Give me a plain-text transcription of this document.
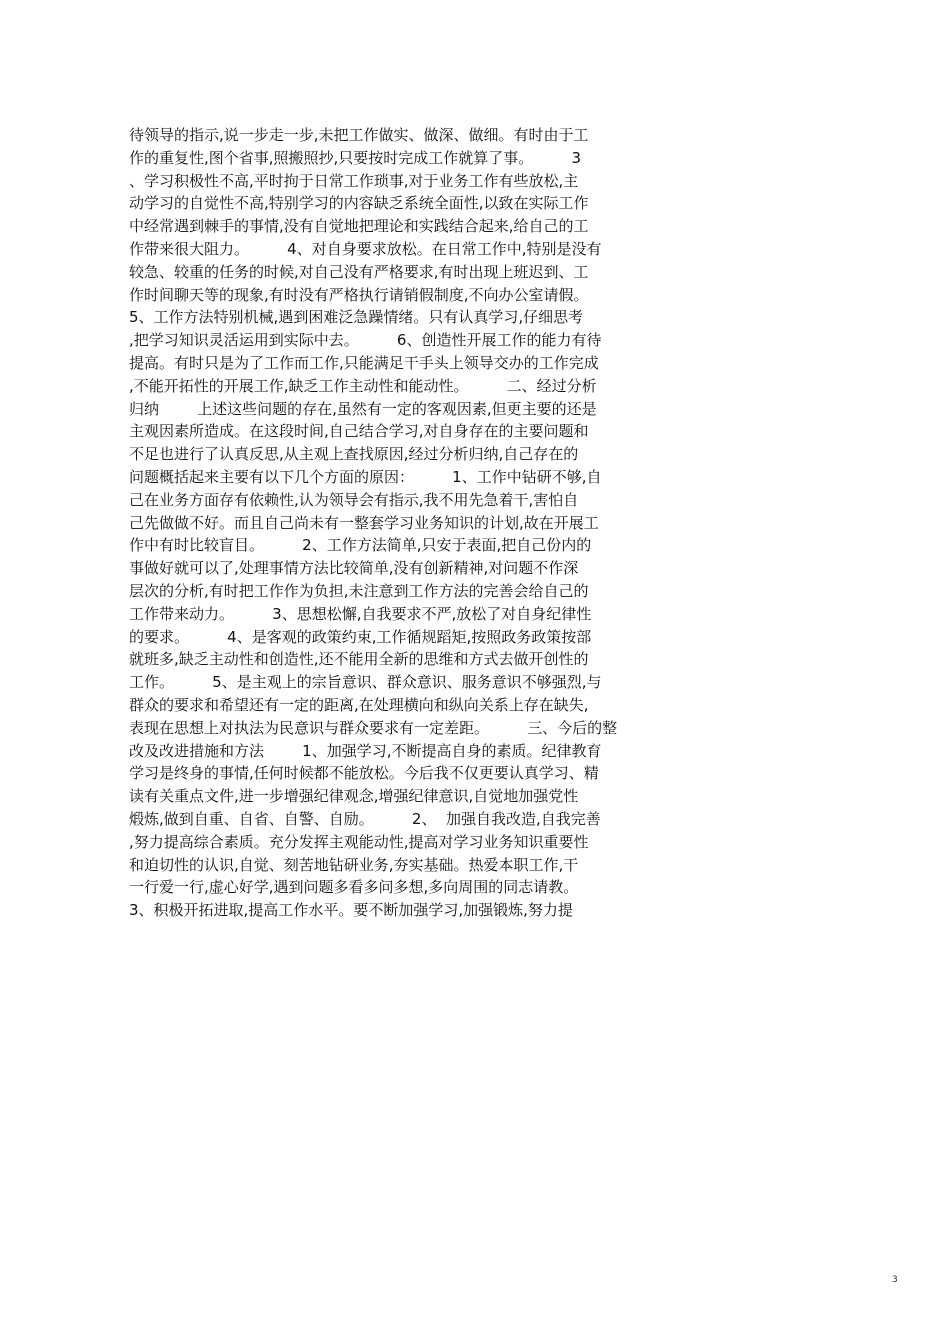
待领导的指示,说一步走一步,未把工作做实、做深、做细。有时由于工
作的重复性,图个省事,照搬照抄,只要按时完成工作就算了事。        3
、学习积极性不高,平时拘于日常工作琐事,对于业务工作有些放松,主
动学习的自觉性不高,特别学习的内容缺乏系统全面性,以致在实际工作
中经常遇到棘手的事情,没有自觉地把理论和实践结合起来,给自己的工
作带来很大阻力。        4、对自身要求放松。在日常工作中,特别是没有
较急、较重的任务的时候,对自己没有严格要求,有时出现上班迟到、工
作时间聊天等的现象,有时没有严格执行请销假制度,不向办公室请假。
5、工作方法特别机械,遇到困难泛急躁情绪。只有认真学习,仔细思考
,把学习知识灵活运用到实际中去。        6、创造性开展工作的能力有待
提高。有时只是为了工作而工作,只能满足干手头上领导交办的工作完成
,不能开拓性的开展工作,缺乏工作主动性和能动性。        二、经过分析
归纳        上述这些问题的存在,虽然有一定的客观因素,但更主要的还是
主观因素所造成。在这段时间,自己结合学习,对自身存在的主要问题和
不足也进行了认真反思,从主观上查找原因,经过分析归纳,自己存在的
问题概括起来主要有以下几个方面的原因：        1、工作中钻研不够,自
己在业务方面存有依赖性,认为领导会有指示,我不用先急着干,害怕自
己先做做不好。而且自己尚未有一整套学习业务知识的计划,故在开展工
作中有时比较盲目。        2、工作方法简单,只安于表面,把自己份内的
事做好就可以了,处理事情方法比较简单,没有创新精神,对问题不作深
层次的分析,有时把工作作为负担,未注意到工作方法的完善会给自己的
工作带来动力。        3、思想松懈,自我要求不严,放松了对自身纪律性
的要求。        4、是客观的政策约束,工作循规蹈矩,按照政务政策按部
就班多,缺乏主动性和创造性,还不能用全新的思维和方式去做开创性的
工作。        5、是主观上的宗旨意识、群众意识、服务意识不够强烈,与
群众的要求和希望还有一定的距离,在处理横向和纵向关系上存在缺失,
表现在思想上对执法为民意识与群众要求有一定差距。        三、今后的整
改及改进措施和方法        1、加强学习,不断提高自身的素质。纪律教育
学习是终身的事情,任何时候都不能放松。今后我不仅更要认真学习、精
读有关重点文件,进一步增强纪律观念,增强纪律意识,自觉地加强党性
煅炼,做到自重、自省、自警、自励。        2、  加强自我改造,自我完善
,努力提高综合素质。充分发挥主观能动性,提高对学习业务知识重要性
和迫切性的认识,自觉、刻苦地钻研业务,夯实基础。热爱本职工作,干
一行爱一行,虚心好学,遇到问题多看多问多想,多向周围的同志请教。
3、积极开拓进取,提高工作水平。要不断加强学习,加强锻炼,努力提
3
